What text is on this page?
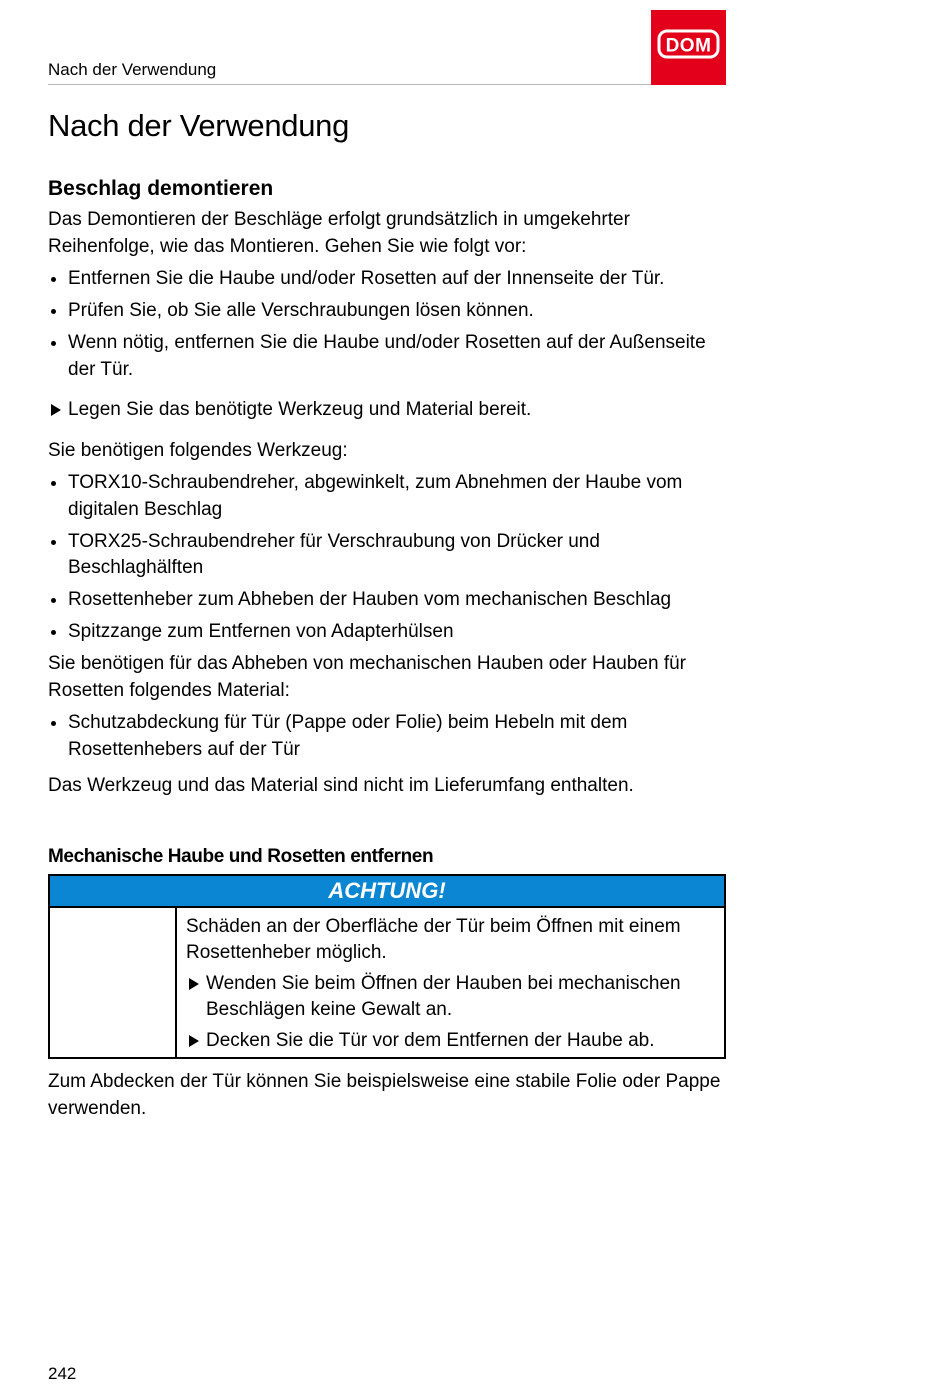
Nach der Verwendung
DOM
Nach der Verwendung
Beschlag demontieren

Das Demontieren der Beschläge erfolgt grundsätzlich in umgekehrter Reihenfolge, wie das Montieren. Gehen Sie wie folgt vor:

Entfernen Sie die Haube und/oder Rosetten auf der Innenseite der Tür.
Prüfen Sie, ob Sie alle Verschraubungen lösen können.
Wenn nötig, entfernen Sie die Haube und/oder Rosetten auf der Außenseite der Tür.
Legen Sie das benötigte Werkzeug und Material bereit.

Sie benötigen folgendes Werkzeug:

TORX10-Schraubendreher, abgewinkelt, zum Abnehmen der Haube vom digitalen Beschlag
TORX25-Schraubendreher für Verschraubung von Drücker und Beschlaghälften
Rosettenheber zum Abheben der Hauben vom mechanischen Beschlag
Spitzzange zum Entfernen von Adapterhülsen

Sie benötigen für das Abheben von mechanischen Hauben oder Hauben für Rosetten folgendes Material:

Schutzabdeckung für Tür (Pappe oder Folie) beim Hebeln mit dem Rosettenhebers auf der Tür

Das Werkzeug und das Material sind nicht im Lieferumfang enthalten.

Mechanische Haube und Rosetten entfernen
ACHTUNG!

Schäden an der Oberfläche der Tür beim Öffnen mit einem Rosettenheber möglich.

Wenden Sie beim Öffnen der Hauben bei mechanischen Beschlägen keine Gewalt an.
Decken Sie die Tür vor dem Entfernen der Haube ab.

Zum Abdecken der Tür können Sie beispielsweise eine stabile Folie oder Pappe verwenden.

242
